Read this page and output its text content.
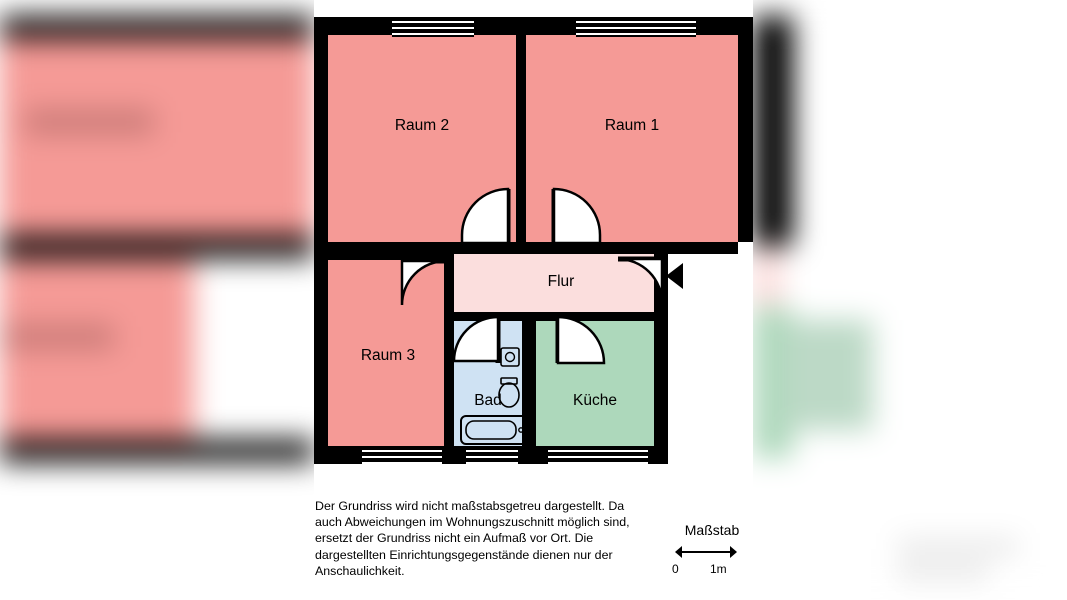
Raum 2	Raum 1
Raum 3
Flur
Bad	Küche
Der Grundriss wird nicht maßstabsgetreu dargestellt. Da auch Abweichungen im Wohnungszuschnitt möglich sind, ersetzt der Grundriss nicht ein Aufmaß vor Ort. Die dargestellten Einrichtungsgegenstände dienen nur der Anschaulichkeit.
Maßstab
0	1m
